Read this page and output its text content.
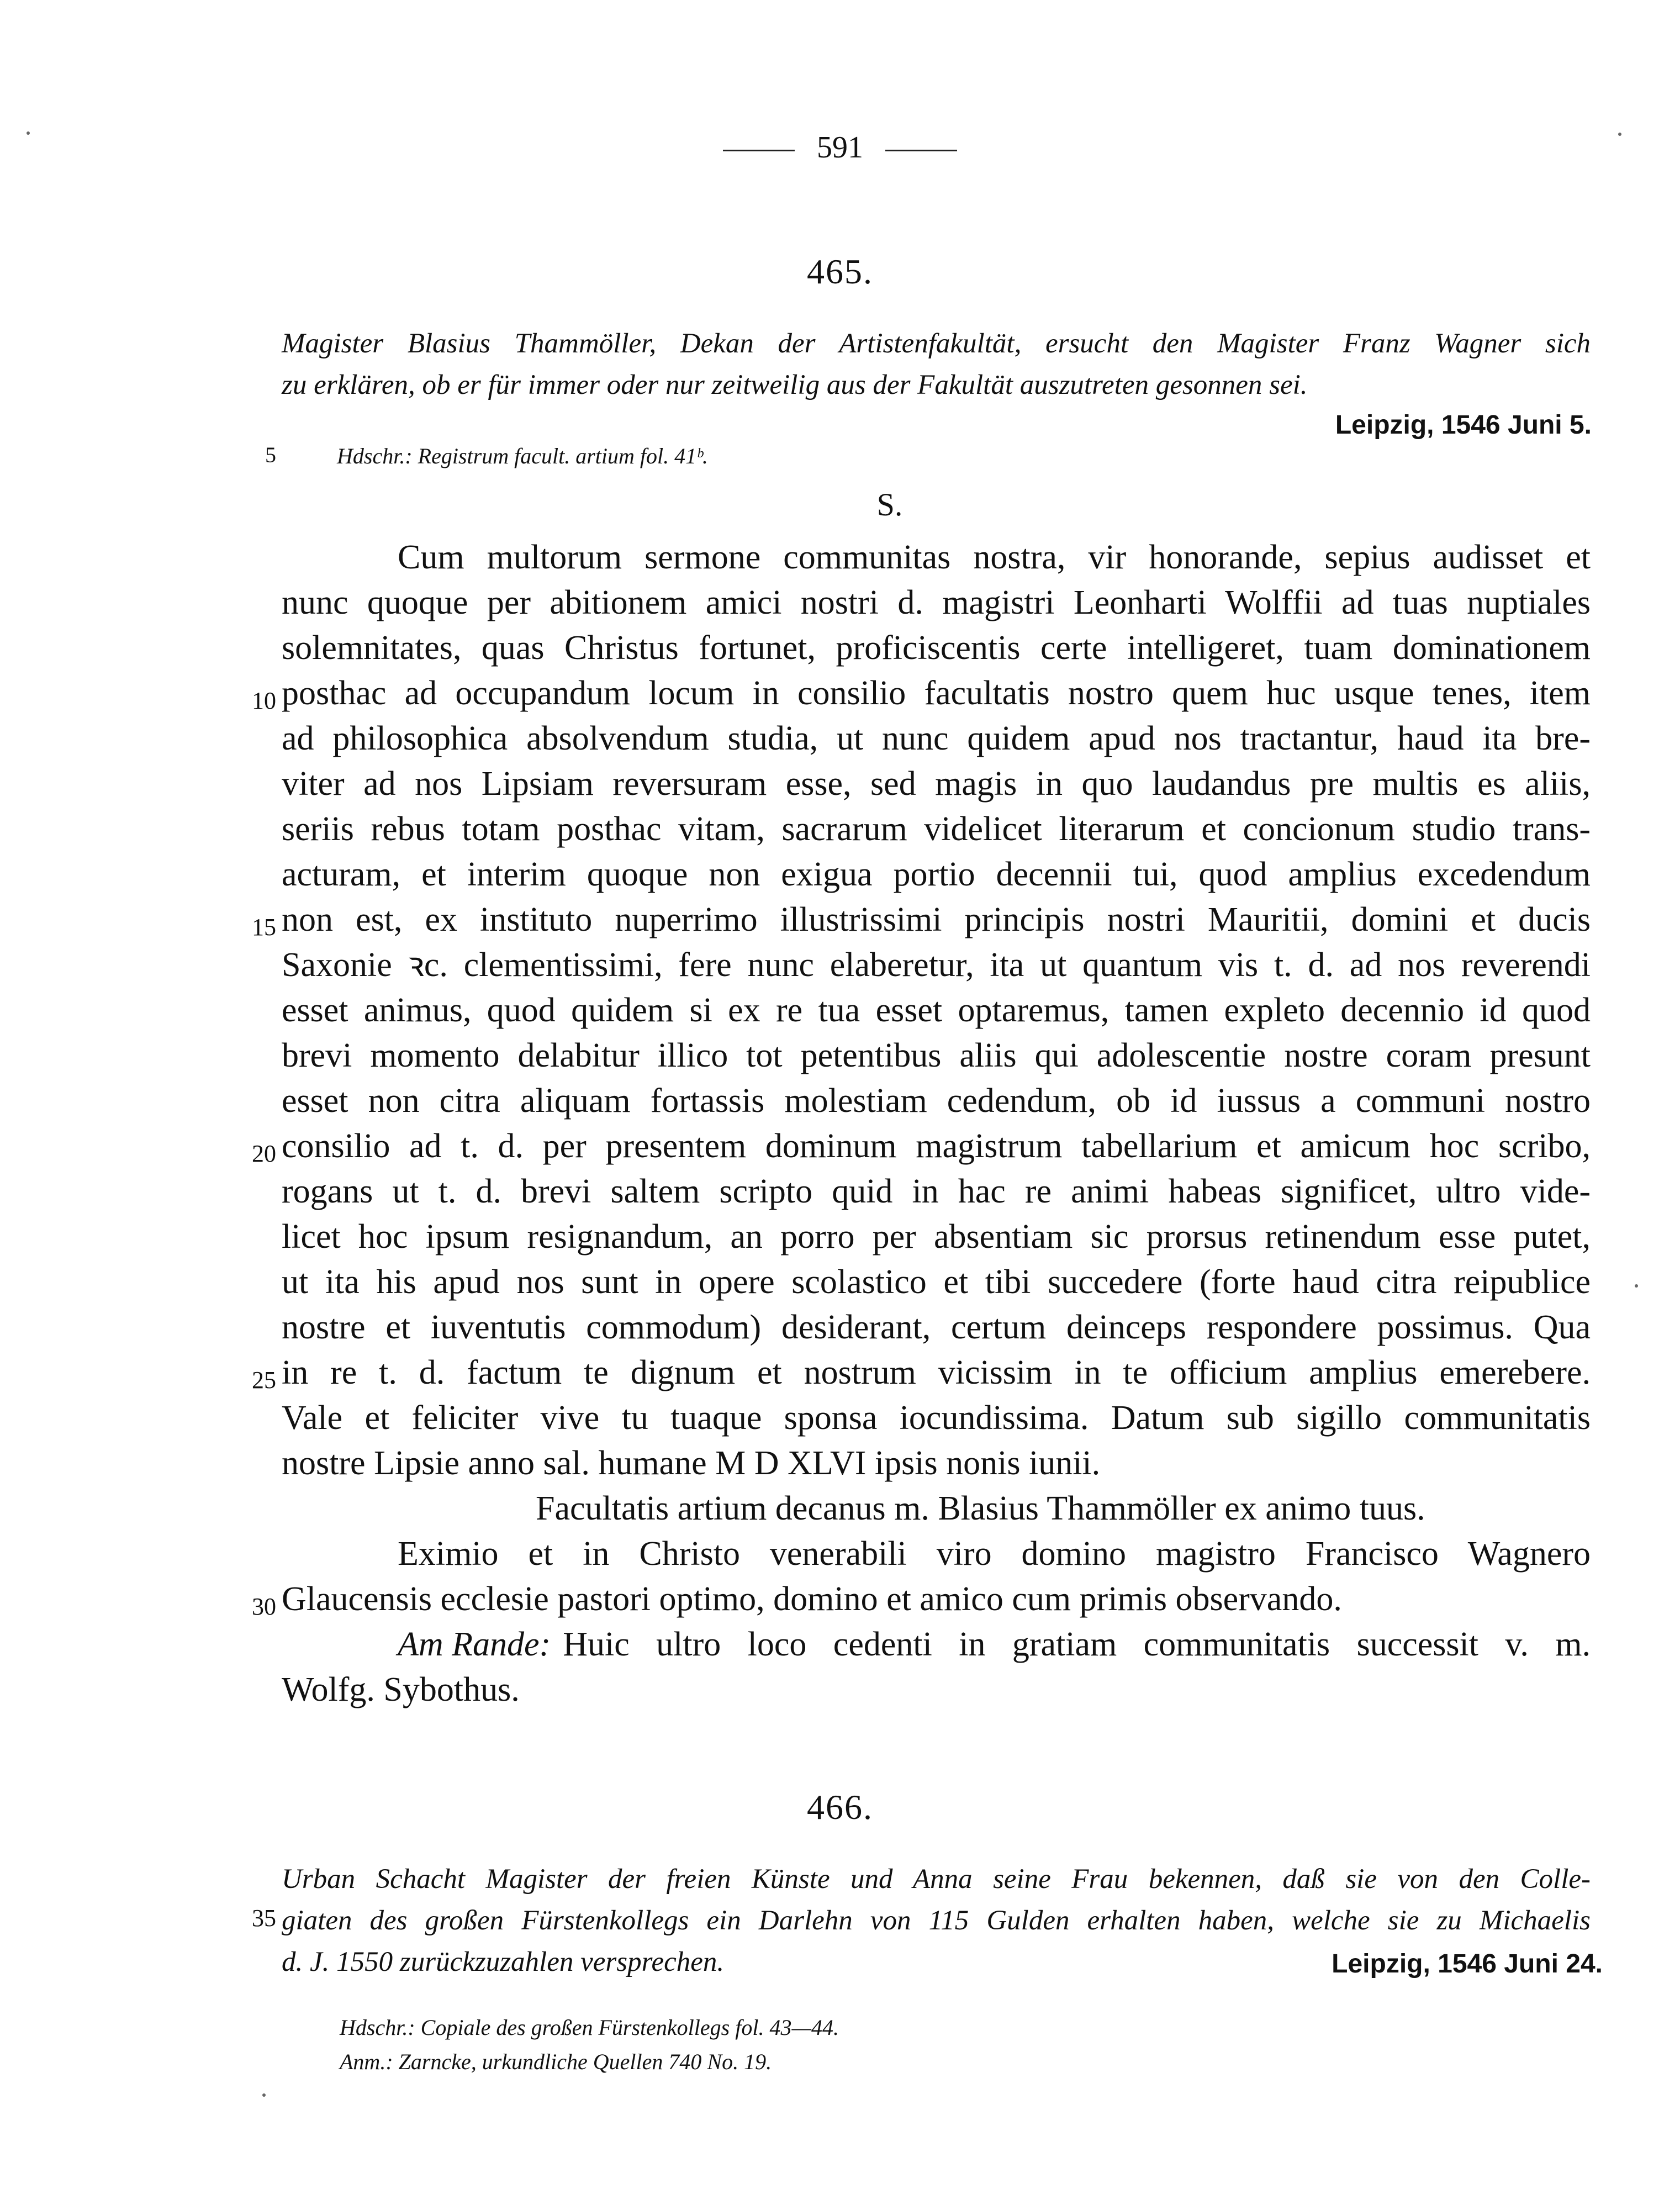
591
465.
Magister Blasius Thammöller, Dekan der Artistenfakultät, ersucht den Magister Franz Wagner sich
zu erklären, ob er für immer oder nur zeitweilig aus der Fakultät auszutreten gesonnen sei.
Leipzig, 1546 Juni 5.
5	Hdschr.: Registrum facult. artium fol. 41ᵇ.
S.
Cum multorum sermone communitas nostra, vir honorande, sepius audisset et
nunc quoque per abitionem amici nostri d. magistri Leonharti Wolffii ad tuas nuptiales
solemnitates, quas Christus fortunet, proficiscentis certe intelligeret, tuam dominationem
posthac ad occupandum locum in consilio facultatis nostro quem huc usque tenes, item
ad philosophica absolvendum studia, ut nunc quidem apud nos tractantur, haud ita bre-
viter ad nos Lipsiam reversuram esse, sed magis in quo laudandus pre multis es aliis,
seriis rebus totam posthac vitam, sacrarum videlicet literarum et concionum studio trans-
acturam, et interim quoque non exigua portio decennii tui, quod amplius excedendum
non est, ex instituto nuperrimo illustrissimi principis nostri Mauritii, domini et ducis
Saxonie ꝛc. clementissimi, fere nunc elaberetur, ita ut quantum vis t. d. ad nos reverendi
esset animus, quod quidem si ex re tua esset optaremus, tamen expleto decennio id quod
brevi momento delabitur illico tot petentibus aliis qui adolescentie nostre coram presunt
esset non citra aliquam fortassis molestiam cedendum, ob id iussus a communi nostro
consilio ad t. d. per presentem dominum magistrum tabellarium et amicum hoc scribo,
rogans ut t. d. brevi saltem scripto quid in hac re animi habeas significet, ultro vide-
licet hoc ipsum resignandum, an porro per absentiam sic prorsus retinendum esse putet,
ut ita his apud nos sunt in opere scolastico et tibi succedere (forte haud citra reipublice
nostre et iuventutis commodum) desiderant, certum deinceps respondere possimus. Qua
in re t. d. factum te dignum et nostrum vicissim in te officium amplius emerebere.
Vale et feliciter vive tu tuaque sponsa iocundissima. Datum sub sigillo communitatis
nostre Lipsie anno sal. humane M D XLVI ipsis nonis iunii.
Facultatis artium decanus m. Blasius Thammöller ex animo tuus.
Eximio et in Christo venerabili viro domino magistro Francisco Wagnero
Glaucensis ecclesie pastori optimo, domino et amico cum primis observando.
Am Rande: Huic ultro loco cedenti in gratiam communitatis successit v. m.
Wolfg. Sybothus.
10
15
20
25
30
466.
Urban Schacht Magister der freien Künste und Anna seine Frau bekennen, daß sie von den Colle-
giaten des großen Fürstenkollegs ein Darlehn von 115 Gulden erhalten haben, welche sie zu Michaelis
d. J. 1550 zurückzuzahlen versprechen.
35
Leipzig, 1546 Juni 24.
Hdschr.: Copiale des großen Fürstenkollegs fol. 43—44.
Anm.: Zarncke, urkundliche Quellen 740 No. 19.
